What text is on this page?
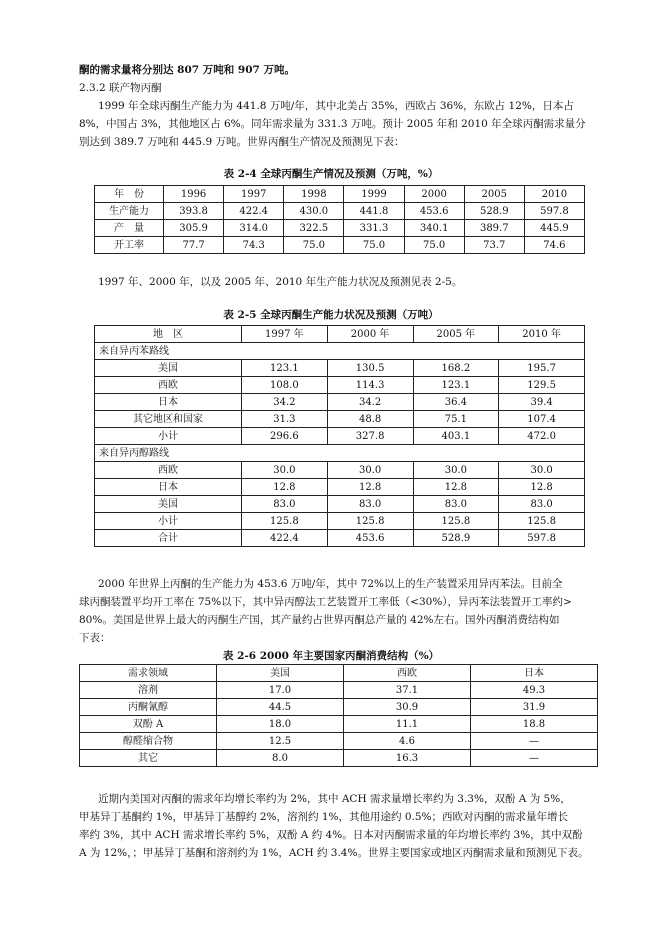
酮的需求量将分别达 807 万吨和 907 万吨。
2.3.2 联产物丙酮
1999 年全球丙酮生产能力为 441.8 万吨/年，其中北美占 35%，西欧占 36%，东欧占 12%，日本占
8%，中国占 3%，其他地区占 6%。同年需求量为 331.3 万吨。预计 2005 年和 2010 年全球丙酮需求量分
别达到 389.7 万吨和 445.9 万吨。世界丙酮生产情况及预测见下表：
表 2-4 全球丙酮生产情况及预测（万吨，%）
年　份	1996	1997	1998	1999	2000	2005	2010
生产能力	393.8	422.4	430.0	441.8	453.6	528.9	597.8
产　量	305.9	314.0	322.5	331.3	340.1	389.7	445.9
开工率	77.7	74.3	75.0	75.0	75.0	73.7	74.6
1997 年、2000 年，以及 2005 年、2010 年生产能力状况及预测见表 2-5。
表 2-5 全球丙酮生产能力状况及预测（万吨）
地　区	1997 年	2000 年	2005 年	2010 年
来自异丙苯路线				
美国	123.1	130.5	168.2	195.7
西欧	108.0	114.3	123.1	129.5
日本	34.2	34.2	36.4	39.4
其它地区和国家	31.3	48.8	75.1	107.4
小计	296.6	327.8	403.1	472.0
来自异丙醇路线				
西欧	30.0	30.0	30.0	30.0
日本	12.8	12.8	12.8	12.8
美国	83.0	83.0	83.0	83.0
小计	125.8	125.8	125.8	125.8
合计	422.4	453.6	528.9	597.8
2000 年世界上丙酮的生产能力为 453.6 万吨/年，其中 72%以上的生产装置采用异丙苯法。目前全
球丙酮装置平均开工率在 75%以下，其中异丙醇法工艺装置开工率低（<30%），异丙苯法装置开工率约>
80%。美国是世界上最大的丙酮生产国，其产量约占世界丙酮总产量的 42%左右。国外丙酮消费结构如
下表：
表 2-6 2000 年主要国家丙酮消费结构（%）
需求领域	美国	西欧	日本
溶剂	17.0	37.1	49.3
丙酮氰醇	44.5	30.9	31.9
双酚 A	18.0	11.1	18.8
醇醛缩合物	12.5	4.6	—
其它	8.0	16.3	—
近期内美国对丙酮的需求年均增长率约为 2%，其中 ACH 需求量增长率约为 3.3%，双酚 A 为 5%，
甲基异丁基酮约 1%，甲基异丁基醇约 2%，溶剂约 1%，其他用途约 0.5%；西欧对丙酮的需求量年增长
率约 3%，其中 ACH 需求增长率约 5%，双酚 A 约 4%。日本对丙酮需求量的年均增长率约 3%，其中双酚
A 为 12%，；甲基异丁基酮和溶剂约为 1%，ACH 约 3.4%。世界主要国家或地区丙酮需求量和预测见下表。
